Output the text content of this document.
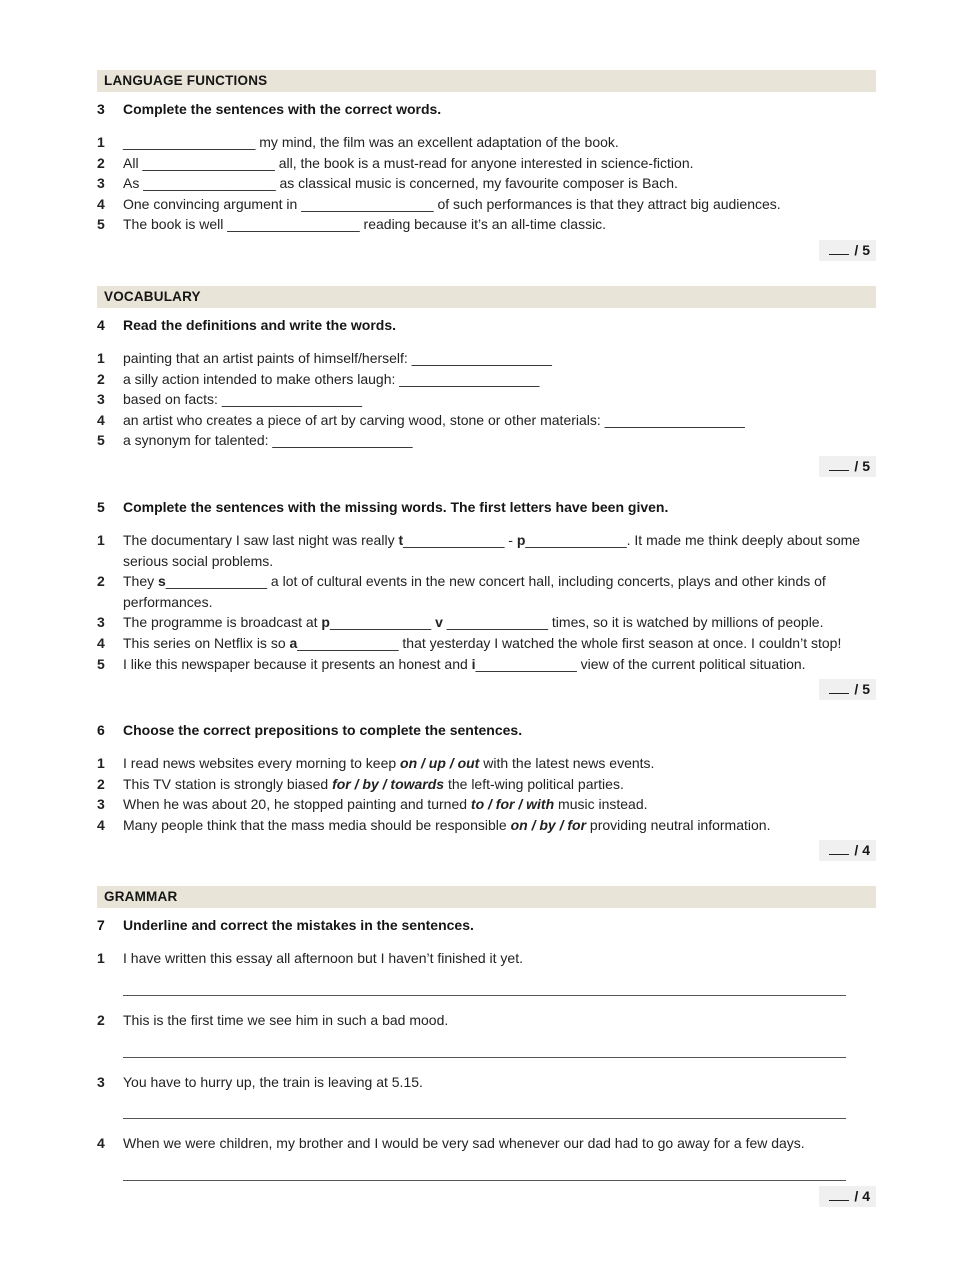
LANGUAGE FUNCTIONS
3	Complete the sentences with the correct words.
1	_________________ my mind, the film was an excellent adaptation of the book.
2	All _________________ all, the book is a must-read for anyone interested in science-fiction.
3	As _________________ as classical music is concerned, my favourite composer is Bach.
4	One convincing argument in _________________ of such performances is that they attract big audiences.
5	The book is well _________________ reading because it’s an all-time classic.
/ 5
VOCABULARY
4	Read the definitions and write the words.
1	painting that an artist paints of himself/herself: __________________
2	a silly action intended to make others laugh: __________________
3	based on facts: __________________
4	an artist who creates a piece of art by carving wood, stone or other materials: __________________
5	a synonym for talented: __________________
/ 5
5	Complete the sentences with the missing words. The first letters have been given.
1	The documentary I saw last night was really t_____________ - p_____________. It made me think deeply about some serious social problems.
2	They s_____________ a lot of cultural events in the new concert hall, including concerts, plays and other kinds of performances.
3	The programme is broadcast at p_____________ v _____________ times, so it is watched by millions of people.
4	This series on Netflix is so a_____________ that yesterday I watched the whole first season at once. I couldn’t stop!
5	I like this newspaper because it presents an honest and i_____________ view of the current political situation.
/ 5
6	Choose the correct prepositions to complete the sentences.
1	I read news websites every morning to keep on / up / out with the latest news events.
2	This TV station is strongly biased for / by / towards the left-wing political parties.
3	When he was about 20, he stopped painting and turned to / for / with music instead.
4	Many people think that the mass media should be responsible on / by / for providing neutral information.
/ 4
GRAMMAR
7	Underline and correct the mistakes in the sentences.
1	I have written this essay all afternoon but I haven’t finished it yet.
2	This is the first time we see him in such a bad mood.
3	You have to hurry up, the train is leaving at 5.15.
4	When we were children, my brother and I would be very sad whenever our dad had to go away for a few days.
/ 4
